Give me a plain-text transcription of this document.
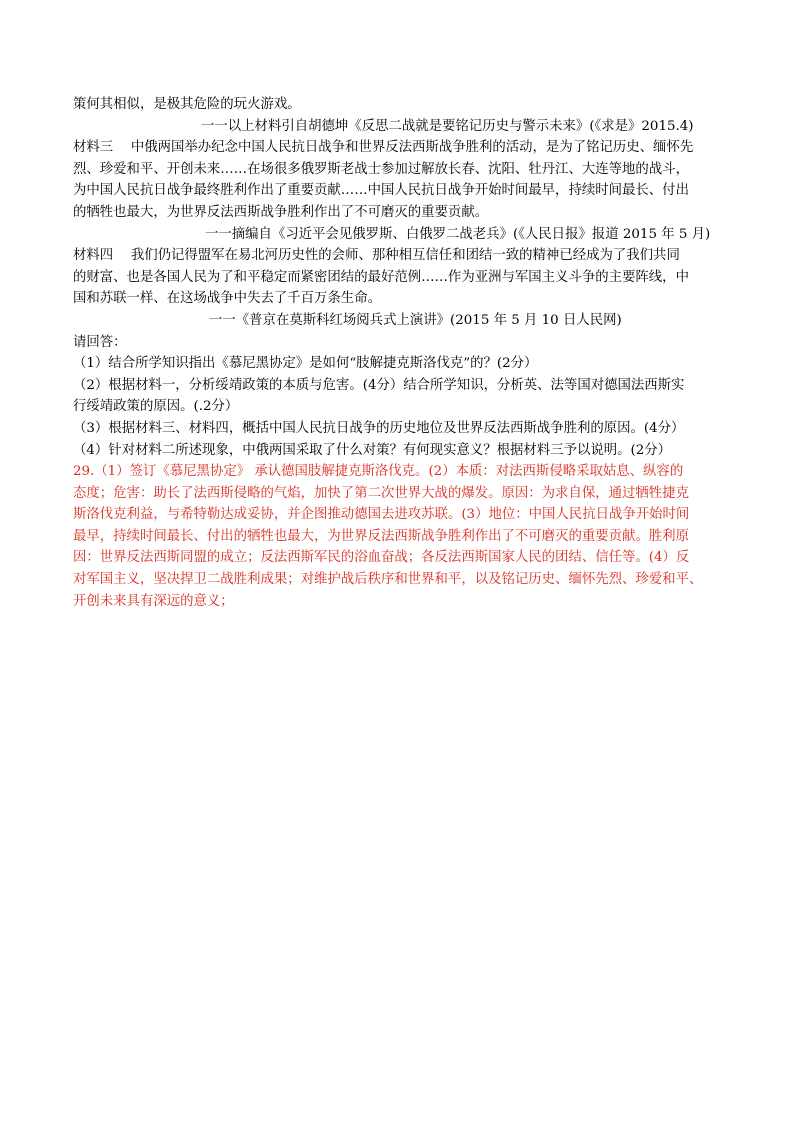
策何其相似，是极其危险的玩火游戏。
一一以上材料引自胡德坤《反思二战就是要铭记历史与警示未来》(《求是》2015.4)
材料三　 中俄两国举办纪念中国人民抗日战争和世界反法西斯战争胜利的活动，是为了铭记历史、缅怀先
烈、珍爱和平、开创未来……在场很多俄罗斯老战士参加过解放长春、沈阳、牡丹江、大连等地的战斗，
为中国人民抗日战争最终胜利作出了重要贡献……中国人民抗日战争开始时间最早，持续时间最长、付出
的牺牲也最大，为世界反法西斯战争胜利作出了不可磨灭的重要贡献。
一一摘编自《习近平会见俄罗斯、白俄罗二战老兵》(《人民日报》报道 2015 年 5 月)
材料四　 我们仍记得盟军在易北河历史性的会师、那种相互信任和团结一致的精神已经成为了我们共同
的财富、也是各国人民为了和平稳定而紧密团结的最好范例……作为亚洲与军国主义斗争的主要阵线，中
国和苏联一样、在这场战争中失去了千百万条生命。
一一《普京在莫斯科红场阅兵式上演讲》(2015 年 5 月 10 日人民网)
请回答：
（1）结合所学知识指出《慕尼黑协定》是如何“肢解捷克斯洛伐克”的？(2分）
（2）根据材料一，分析绥靖政策的本质与危害。(4分）结合所学知识，分析英、法等国对德国法西斯实
行绥靖政策的原因。(.2分）
（3）根据材料三、材料四，概括中国人民抗日战争的历史地位及世界反法西斯战争胜利的原因。(4分）
（4）针对材料二所述现象，中俄两国采取了什么对策？有何现实意义？根据材料三予以说明。(2分）
29.（1）签订《慕尼黑协定》 承认德国肢解捷克斯洛伐克。(2）本质：对法西斯侵略采取姑息、纵容的
态度；危害：助长了法西斯侵略的气焰，加快了第二次世界大战的爆发。原因：为求自保，通过牺牲捷克
斯洛伐克利益，与希特勒达成妥协，并企图推动德国去进攻苏联。(3）地位：中国人民抗日战争开始时间
最早，持续时间最长、付出的牺牲也最大，为世界反法西斯战争胜利作出了不可磨灭的重要贡献。胜利原
因：世界反法西斯同盟的成立；反法西斯军民的浴血奋战；各反法西斯国家人民的团结、信任等。(4）反
对军国主义，坚决捍卫二战胜利成果；对维护战后秩序和世界和平，以及铭记历史、缅怀先烈、珍爱和平、
开创未来具有深远的意义；
